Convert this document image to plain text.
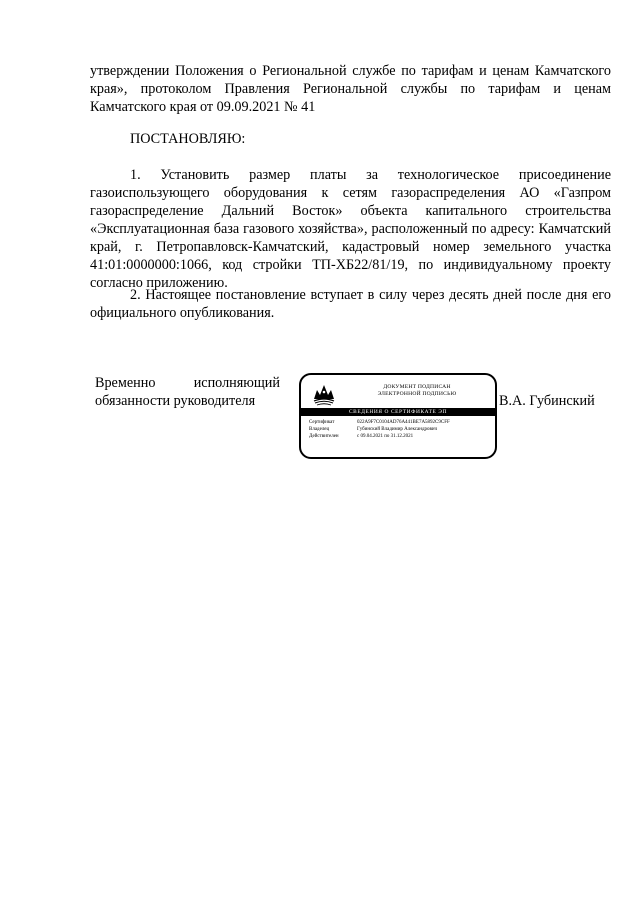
утверждении Положения о Региональной службе по тарифам и ценам Камчатского края», протоколом Правления Региональной службы по тарифам и ценам Камчатского края от 09.09.2021 № 41
ПОСТАНОВЛЯЮ:
1. Установить размер платы за технологическое присоединение газоиспользующего оборудования к сетям газораспределения АО «Газпром газораспределение Дальний Восток» объекта капитального строительства «Эксплуатационная база газового хозяйства», расположенный по адресу: Камчатский край, г. Петропавловск-Камчатский, кадастровый номер земельного участка 41:01:0000000:1066, код стройки ТП-ХБ22/81/19, по индивидуальному проекту согласно приложению.
2. Настоящее постановление вступает в силу через десять дней после дня его официального опубликования.
Временно исполняющий
обязанности руководителя
ДОКУМЕНТ ПОДПИСАН
ЭЛЕКТРОННОЙ ПОДПИСЬЮ
СВЕДЕНИЯ О СЕРТИФИКАТЕ ЭП
Сертификат	022A9F7C0104AD76A441BE7A5892C9CFF
Владелец	Губинский Владимир Александрович
Действителен	с 09.04.2021 по 31.12.2021
В.А. Губинский
